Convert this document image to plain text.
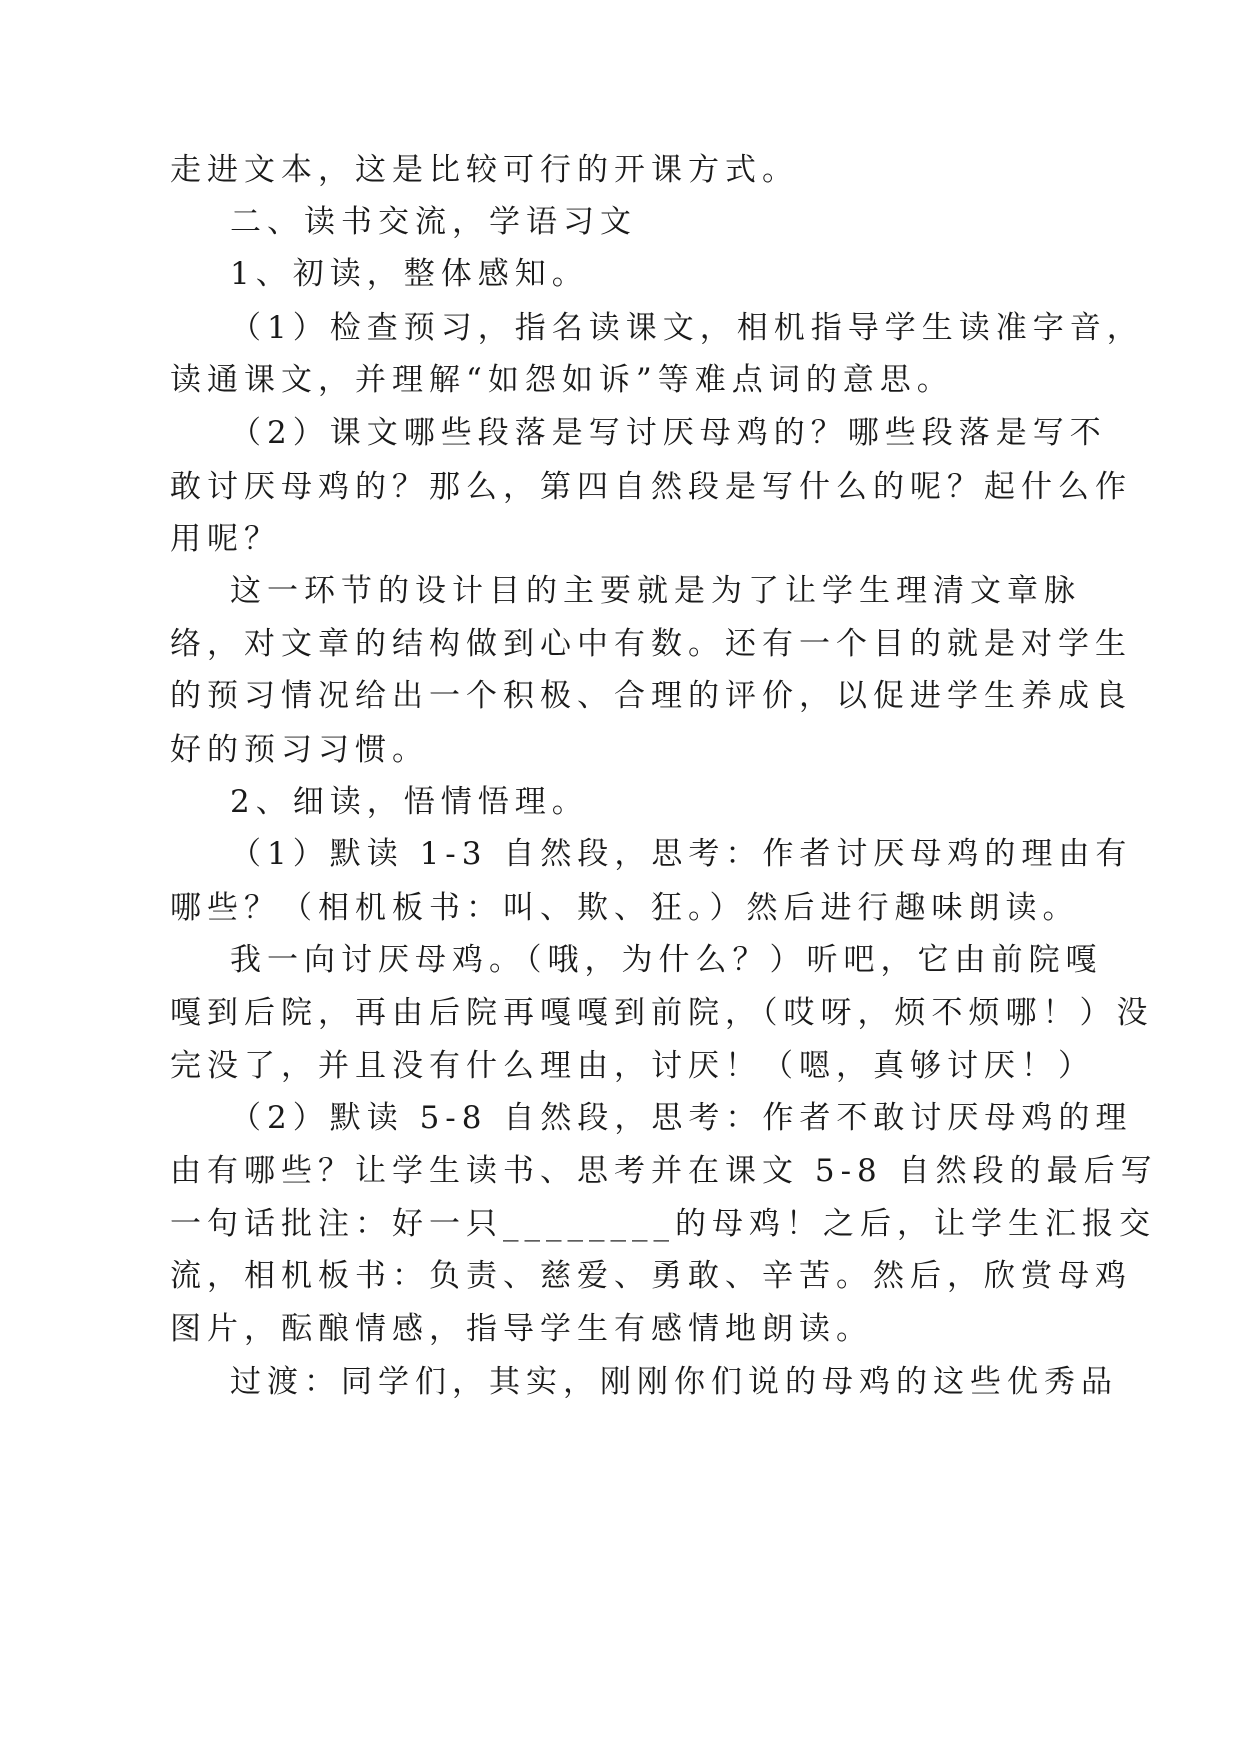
走进文本，这是比较可行的开课方式。

二、读书交流，学语习文

1、初读，整体感知。

（1）检查预习，指名读课文，相机指导学生读准字音，

读通课文，并理解“如怨如诉”等难点词的意思。

（2）课文哪些段落是写讨厌母鸡的？哪些段落是写不

敢讨厌母鸡的？那么，第四自然段是写什么的呢？起什么作

用呢？

这一环节的设计目的主要就是为了让学生理清文章脉

络，对文章的结构做到心中有数。还有一个目的就是对学生

的预习情况给出一个积极、合理的评价，以促进学生养成良

好的预习习惯。

2、细读，悟情悟理。

（1）默读 1-3 自然段，思考：作者讨厌母鸡的理由有

哪些？（相机板书：叫、欺、狂。）然后进行趣味朗读。

我一向讨厌母鸡。（哦，为什么？）听吧，它由前院嘎

嘎到后院，再由后院再嘎嘎到前院，（哎呀，烦不烦哪！）没

完没了，并且没有什么理由，讨厌！（嗯，真够讨厌！）

（2）默读 5-8 自然段，思考：作者不敢讨厌母鸡的理

由有哪些？让学生读书、思考并在课文 5-8 自然段的最后写

一句话批注：好一只________的母鸡！之后，让学生汇报交

流，相机板书：负责、慈爱、勇敢、辛苦。然后，欣赏母鸡

图片，酝酿情感，指导学生有感情地朗读。

过渡：同学们，其实，刚刚你们说的母鸡的这些优秀品
